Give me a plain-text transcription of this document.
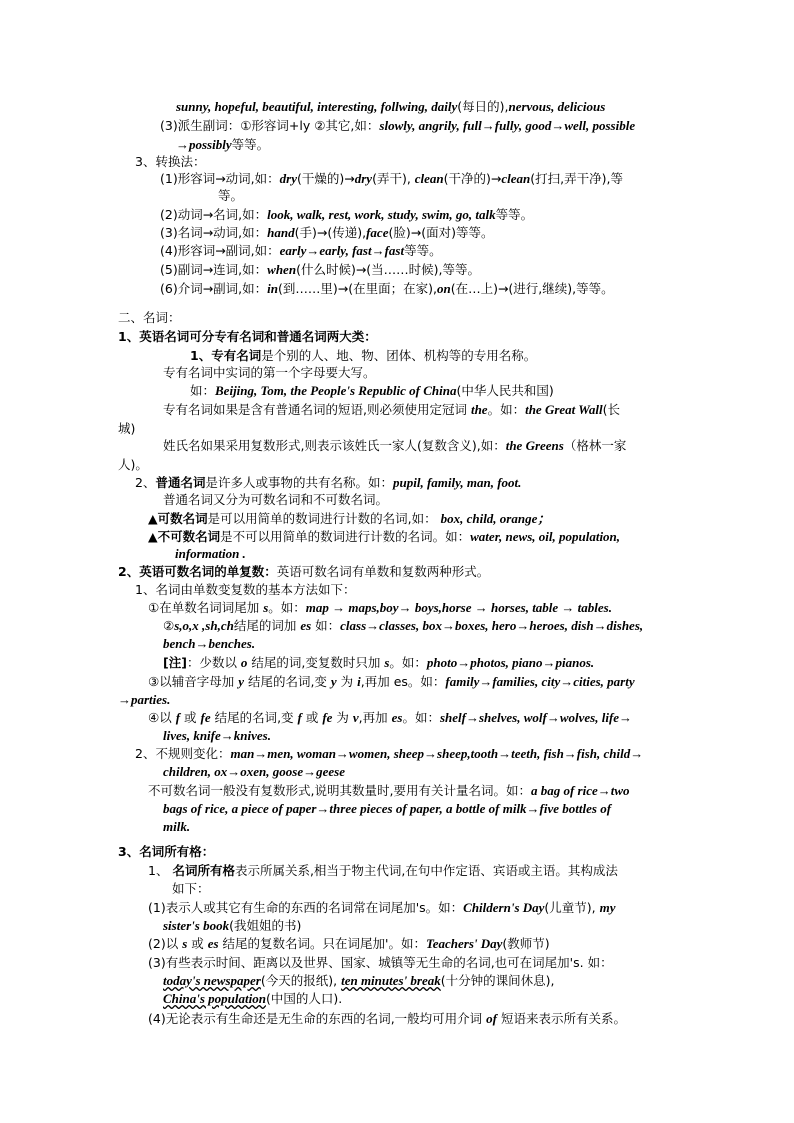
sunny, hopeful, beautiful, interesting, follwing, daily(每日的),nervous, delicious
(3)派生副词：①形容词+ly ②其它,如：slowly, angrily, full→fully, good→well, possible
→possibly等等。
3、转换法：
(1)形容词→动词,如：dry(干燥的)→dry(弄干), clean(干净的)→clean(打扫,弄干净),等
等。
(2)动词→名词,如：look, walk, rest, work, study, swim, go, talk等等。
(3)名词→动词,如：hand(手)→(传递),face(脸)→(面对)等等。
(4)形容词→副词,如：early→early, fast→fast等等。
(5)副词→连词,如：when(什么时候)→(当……时候),等等。
(6)介词→副词,如：in(到……里)→(在里面；在家),on(在…上)→(进行,继续),等等。
二、名词：
1、英语名词可分专有名词和普通名词两大类：
1、专有名词是个别的人、地、物、团体、机构等的专用名称。
专有名词中实词的第一个字母要大写。
如：Beijing, Tom, the People's Republic of China(中华人民共和国)
专有名词如果是含有普通名词的短语,则必须使用定冠词 the。如：the Great Wall(长
城)
姓氏名如果采用复数形式,则表示该姓氏一家人(复数含义),如：the Greens（格林一家
人)。
2、普通名词是许多人或事物的共有名称。如：pupil, family, man, foot.
普通名词又分为可数名词和不可数名词。
▲可数名词是可以用简单的数词进行计数的名词,如： box, child, orange；
▲不可数名词是不可以用简单的数词进行计数的名词。如：water, news, oil, population,
information .
2、英语可数名词的单复数：英语可数名词有单数和复数两种形式。
1、名词由单数变复数的基本方法如下：
①在单数名词词尾加 s。如：map → maps,boy→ boys,horse → horses, table → tables.
②s,o,x ,sh,ch结尾的词加 es 如：class→classes, box→boxes, hero→heroes, dish→dishes,
bench→benches.
[注]：少数以 o 结尾的词,变复数时只加 s。如：photo→photos, piano→pianos.
③以辅音字母加 y 结尾的名词,变 y 为 i,再加 es。如：family→families, city→cities, party
→parties.
④以 f 或 fe 结尾的名词,变 f 或 fe 为 v,再加 es。如：shelf→shelves, wolf→wolves, life→
lives, knife→knives.
2、不规则变化：man→men, woman→women, sheep→sheep,tooth→teeth, fish→fish, child→
children, ox→oxen, goose→geese
不可数名词一般没有复数形式,说明其数量时,要用有关计量名词。如：a bag of rice→two
bags of rice, a piece of paper→three pieces of paper, a bottle of milk→five bottles of
milk.
3、名词所有格：
1、 名词所有格表示所属关系,相当于物主代词,在句中作定语、宾语或主语。其构成法
如下：
(1)表示人或其它有生命的东西的名词常在词尾加's。如：Childern's Day(儿童节), my
sister's book(我姐姐的书)
(2)以 s 或 es 结尾的复数名词。只在词尾加'。如：Teachers' Day(教师节)
(3)有些表示时间、距离以及世界、国家、城镇等无生命的名词,也可在词尾加's. 如：
today's newspaper(今天的报纸), ten minutes' break(十分钟的课间休息),
China's population(中国的人口).
(4)无论表示有生命还是无生命的东西的名词,一般均可用介词 of 短语来表示所有关系。
